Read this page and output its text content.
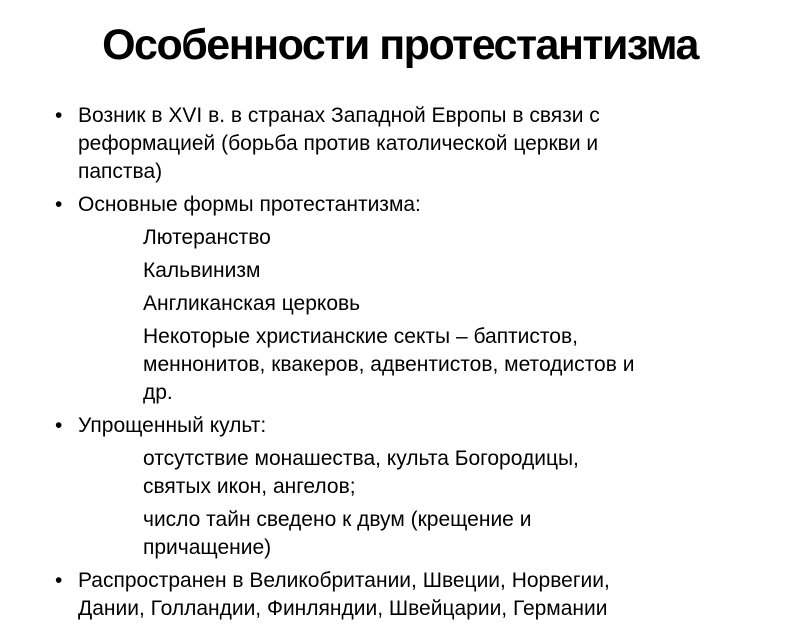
Особенности протестантизма
• Возник в XVI в. в странах Западной Европы в связи с
реформацией (борьба против католической церкви и
папства)
• Основные формы протестантизма:
Лютеранство
Кальвинизм
Англиканская церковь
Некоторые христианские секты – баптистов,
меннонитов, квакеров, адвентистов, методистов и
др.
• Упрощенный культ:
отсутствие монашества, культа Богородицы,
святых икон, ангелов;
число тайн сведено к двум (крещение и
причащение)
• Распространен в Великобритании, Швеции, Норвегии,
Дании, Голландии, Финляндии, Швейцарии, Германии
